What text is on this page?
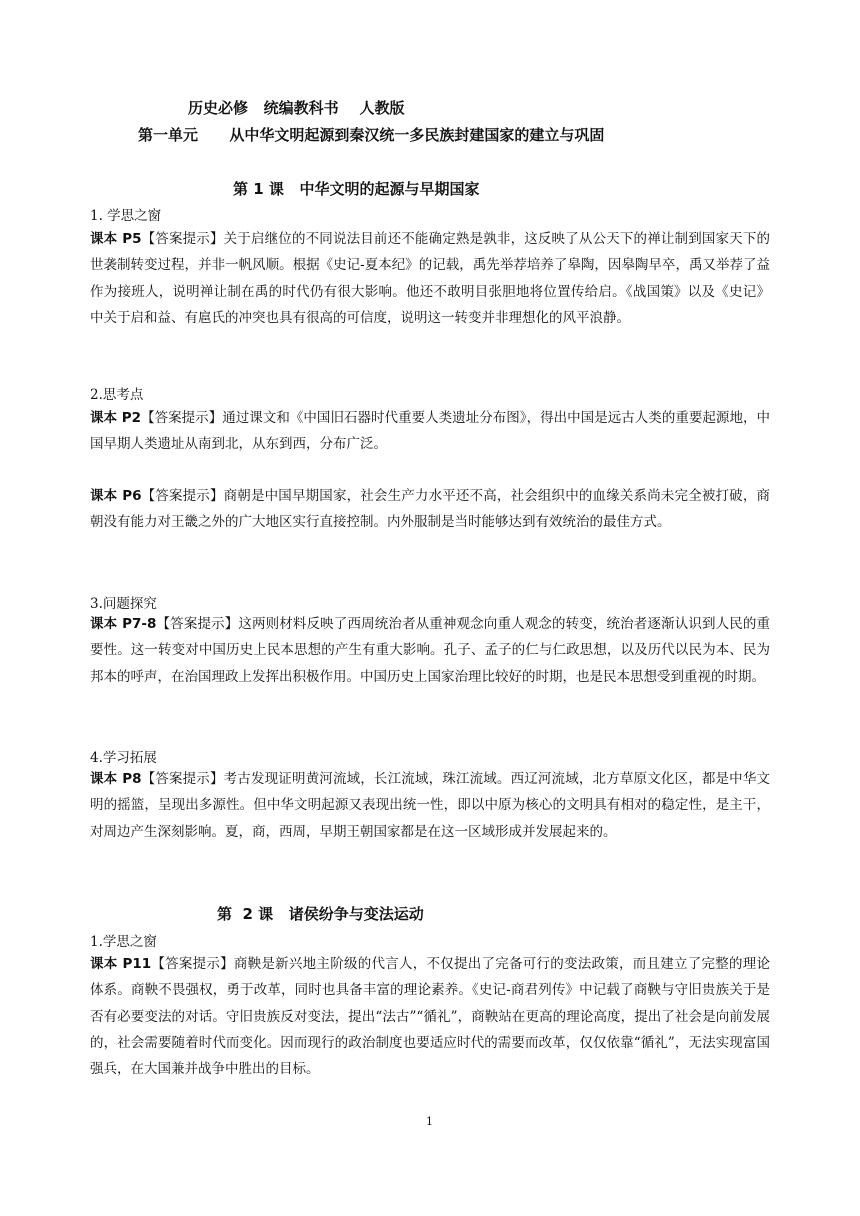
历史必修   统编教科书    人教版
第一单元      从中华文明起源到秦汉统一多民族封建国家的建立与巩固
第 1 课   中华文明的起源与早期国家
1. 学思之窗
课本 P5【答案提示】关于启继位的不同说法目前还不能确定熟是孰非，这反映了从公天下的禅让制到国家天下的世袭制转变过程，并非一帆风顺。根据《史记-夏本纪》的记载，禹先举荐培养了皋陶，因皋陶早卒，禹又举荐了益作为接班人，说明禅让制在禹的时代仍有很大影响。他还不敢明目张胆地将位置传给启。《战国策》以及《史记》中关于启和益、有扈氏的冲突也具有很高的可信度，说明这一转变并非理想化的风平浪静。
2.思考点
课本 P2【答案提示】通过课文和《中国旧石器时代重要人类遗址分布图》，得出中国是远古人类的重要起源地，中国早期人类遗址从南到北，从东到西，分布广泛。
课本 P6【答案提示】商朝是中国早期国家，社会生产力水平还不高，社会组织中的血缘关系尚未完全被打破，商朝没有能力对王畿之外的广大地区实行直接控制。内外服制是当时能够达到有效统治的最佳方式。
3.问题探究
课本 P7-8【答案提示】这两则材料反映了西周统治者从重神观念向重人观念的转变，统治者逐渐认识到人民的重要性。这一转变对中国历史上民本思想的产生有重大影响。孔子、孟子的仁与仁政思想，以及历代以民为本、民为邦本的呼声，在治国理政上发挥出积极作用。中国历史上国家治理比较好的时期，也是民本思想受到重视的时期。
4.学习拓展
课本 P8【答案提示】考古发现证明黄河流域，长江流域，珠江流域。西辽河流域，北方草原文化区，都是中华文明的摇篮，呈现出多源性。但中华文明起源又表现出统一性，即以中原为核心的文明具有相对的稳定性，是主干，对周边产生深刻影响。夏，商，西周，早期王朝国家都是在这一区域形成并发展起来的。
第  2 课   诸侯纷争与变法运动
1.学思之窗
课本 P11【答案提示】商鞅是新兴地主阶级的代言人，不仅提出了完备可行的变法政策，而且建立了完整的理论体系。商鞅不畏强权，勇于改革，同时也具备丰富的理论素养。《史记-商君列传》中记载了商鞅与守旧贵族关于是否有必要变法的对话。守旧贵族反对变法，提出“法古”“循礼”，商鞅站在更高的理论高度，提出了社会是向前发展的，社会需要随着时代而变化。因而现行的政治制度也要适应时代的需要而改革，仅仅依靠“循礼”，无法实现富国强兵，在大国兼并战争中胜出的目标。
1
